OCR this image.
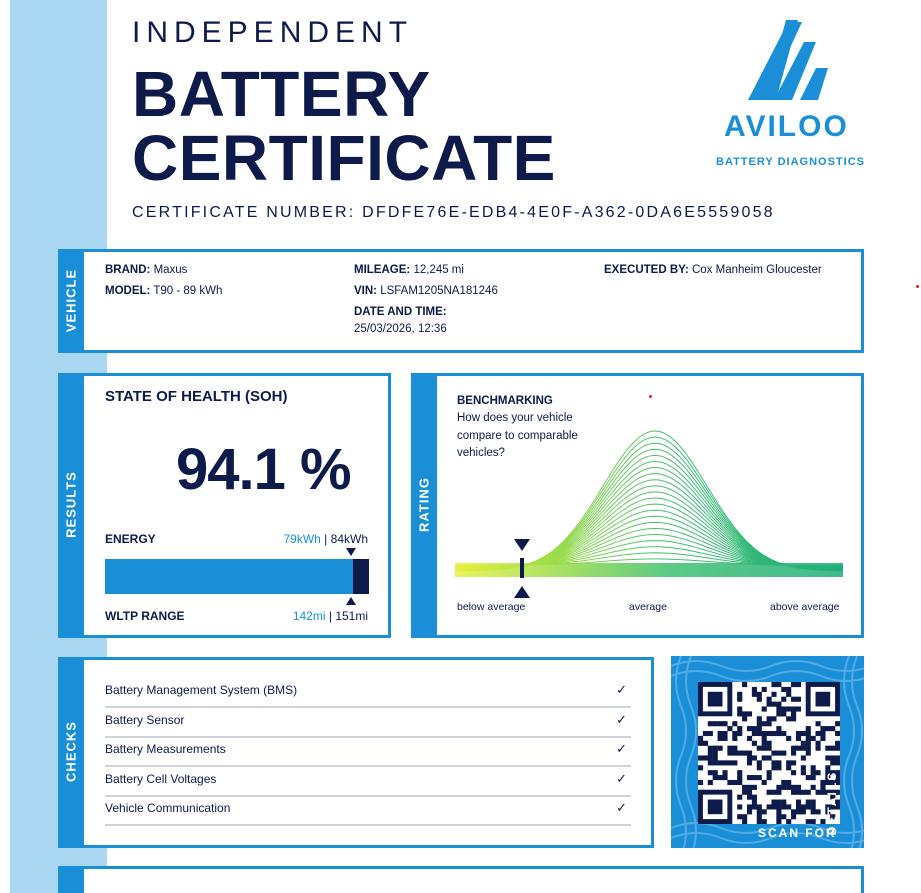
INDEPENDENT
BATTERY
CERTIFICATE
CERTIFICATE NUMBER: DFDFE76E-EDB4-4E0F-A362-0DA6E5559058
AVILOO
BATTERY DIAGNOSTICS
VEHICLE BRAND: Maxus
MODEL: T90 - 89 kWh
MILEAGE: 12,245 mi
VIN: LSFAM1205NA181246
DATE AND TIME:
25/03/2026, 12:36
EXECUTED BY: Cox Manheim Gloucester
RESULTS
STATE OF HEALTH (SOH)
94.1 %
ENERGY	79kWh | 84kWh
WLTP RANGE	142mi | 151mi
RATING
BENCHMARKING
How does your vehicle compare to comparable vehicles?
below average	average	above average
CHECKS
Battery Management System (BMS)	✓
Battery Sensor	✓
Battery Measurements	✓
Battery Cell Voltages	✓
Vehicle Communication	✓
SCAN FOR
DETAILS
